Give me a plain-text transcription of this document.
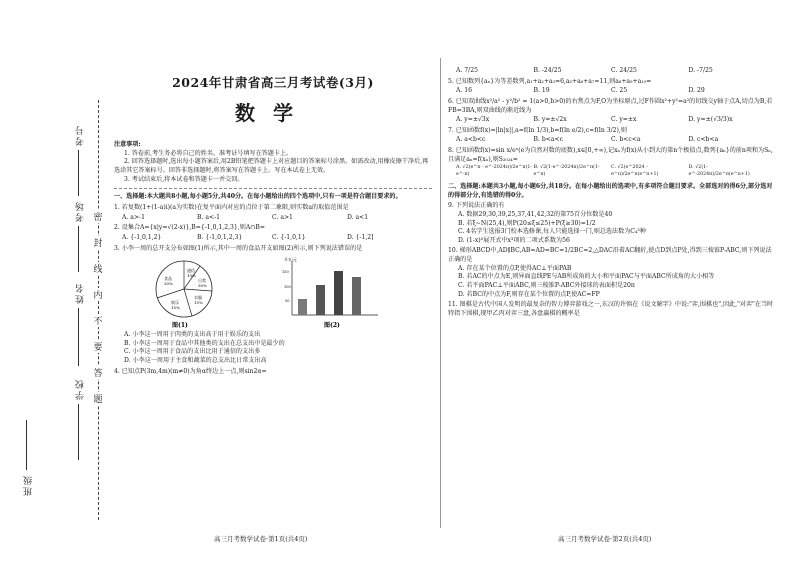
考号
考场
姓名
学校
班级
密
封
线
内
不
要
答
题
2024年甘肃省高三月考试卷(3月)
数学
注意事项:
1. 答卷前,考生务必将自己的姓名、准考证号填写在答题卡上。
2. 回答选择题时,选出每小题答案后,用2B铅笔把答题卡上对应题目的答案标号涂黑。如需改动,用橡皮擦干净后,再选涂其它答案标号。回答非选择题时,将答案写在答题卡上。写在本试卷上无效。
3. 考试结束后,将本试卷和答题卡一并交回。
一、选择题:本大题共8小题,每小题5分,共40分。在每小题给出的四个选项中,只有一项是符合题目要求的。
1. 若复数(1+(1-a)i)(a为实数)在复平面内对应的点位于第二象限,则实数a的取值范围是
A. a>-1	B. a<-1	C. a>1	D. a<1
2. 设集合A={x|y=√(2-x)},B={-1,0,1,2,3},则A∩B=
A. {-1,0,1,2}	B. {-1,0,1,2,3}	C. {-1,0,1}	D. {-1,2]
3. 小李一周的总开支分布如图(1)所示,其中一周的食品开支如图(2)所示,则下列说法错误的是
通信
10%
日常
30%
衣服
15%
娱乐
15%
食品
30%
图(1)
开支/元
150
100
50
图(2)
A. 小李这一周用于肉类的支出高于用于娱乐的支出
B. 小李这一周用于食品中其他类的支出在总支出中是最少的
C. 小李这一周用于食品的支出比用于通信的支出多
D. 小李这一周用于主食和蔬菜的总支出比日常支出高
4. 已知点P(3m,4m)(m≠0)为角α终边上一点,则sin2α=
高三月考数学试卷·第1页(共4页)
A. 7/25	B. -24/25	C. 24/25	D. -7/25
5. 已知数列{aₙ}为等差数列,a₁+a₂+a₃=6,a₅+a₆+a₇=11,则a₈+a₉+a₁₀=
A. 16	B. 19	C. 25	D. 29
6. 已知双曲线x²/a² - y²/b² = 1(a>0,b>0)的右焦点为F,O为坐标原点,过F作圆x²+y²=a²的切线交y轴于点A,切点为B,若FB=3BA,则双曲线的渐近线为
A. y=±√3x	B. y=±√2x	C. y=±x	D. y=±(√3/3)x
7. 已知函数f(x)=|ln|x||,a=f(ln 1/3),b=f(ln e/2),c=f(ln 3/2),则
A. a<b<c	B. b<a<c	C. b<c<a	D. c<b<a
8. 已知函数f(x)=sin x/eˣ(e为自然对数的底数),x∈[0,+∞),记xₙ为f(x)从小到大的第n个极值点,数列{aₙ}的前n项和为Sₙ,且满足aₙ=f(xₙ),则S₂₀₂₄=
A. √2(e^π - e^-2024π)/2e^π(1-e^-π)
B. √2(1-e^-2024π)/2e^π(1-e^π)
C. √2(e^2024 - e^π)/2e^π(e^π+1)
D. √2(1-e^-2024π)/2e^π(e^π+1)
二、选择题:本题共3小题,每小题6分,共18分。在每小题给出的选项中,有多项符合题目要求。全部选对的得6分,部分选对的得部分分,有选错的得0分。
9. 下列说法正确的有
A. 数据29,30,39,25,37,41,42,32的第75百分位数是40
B. 若ξ~N(25,4),则P(20≤ξ≤25)+P(ξ≥30)=1/2
C. 4名学生选报3门校本选修课,每人只能选择一门,则总选法数为C₄³种
D. (1-x)⁸展开式中x³项的二项式系数为56
10. 梯形ABCD中,AD∥BC,AB=AD=BC=1/2BC=2,△DAC沿着AC翻折,使点D到点P处,得到三棱锥P-ABC,则下列说法正确的是
A. 存在某个位置的点P,使得AC⊥平面PAB
B. 若AC的中点为E,则异面直线PE与AB所成角的大小和平面PAC与平面ABC所成角的大小相等
C. 若平面PAC⊥平面ABC,则三棱锥P-ABC外接球的表面积是20π
D. 若BC的中点为F,则存在某个位置的点P,使AC=FP
11. 图棋是古代中国人发明的最复杂的智力博弈游戏之一,东汉的许慎在《说文解字》中说:"弈,围棋也",因此,"对弈"在当时特指下围棋,现甲乙丙对弈三盘,各盘赢棋的概率是
高三月考数学试卷·第2页(共4页)
